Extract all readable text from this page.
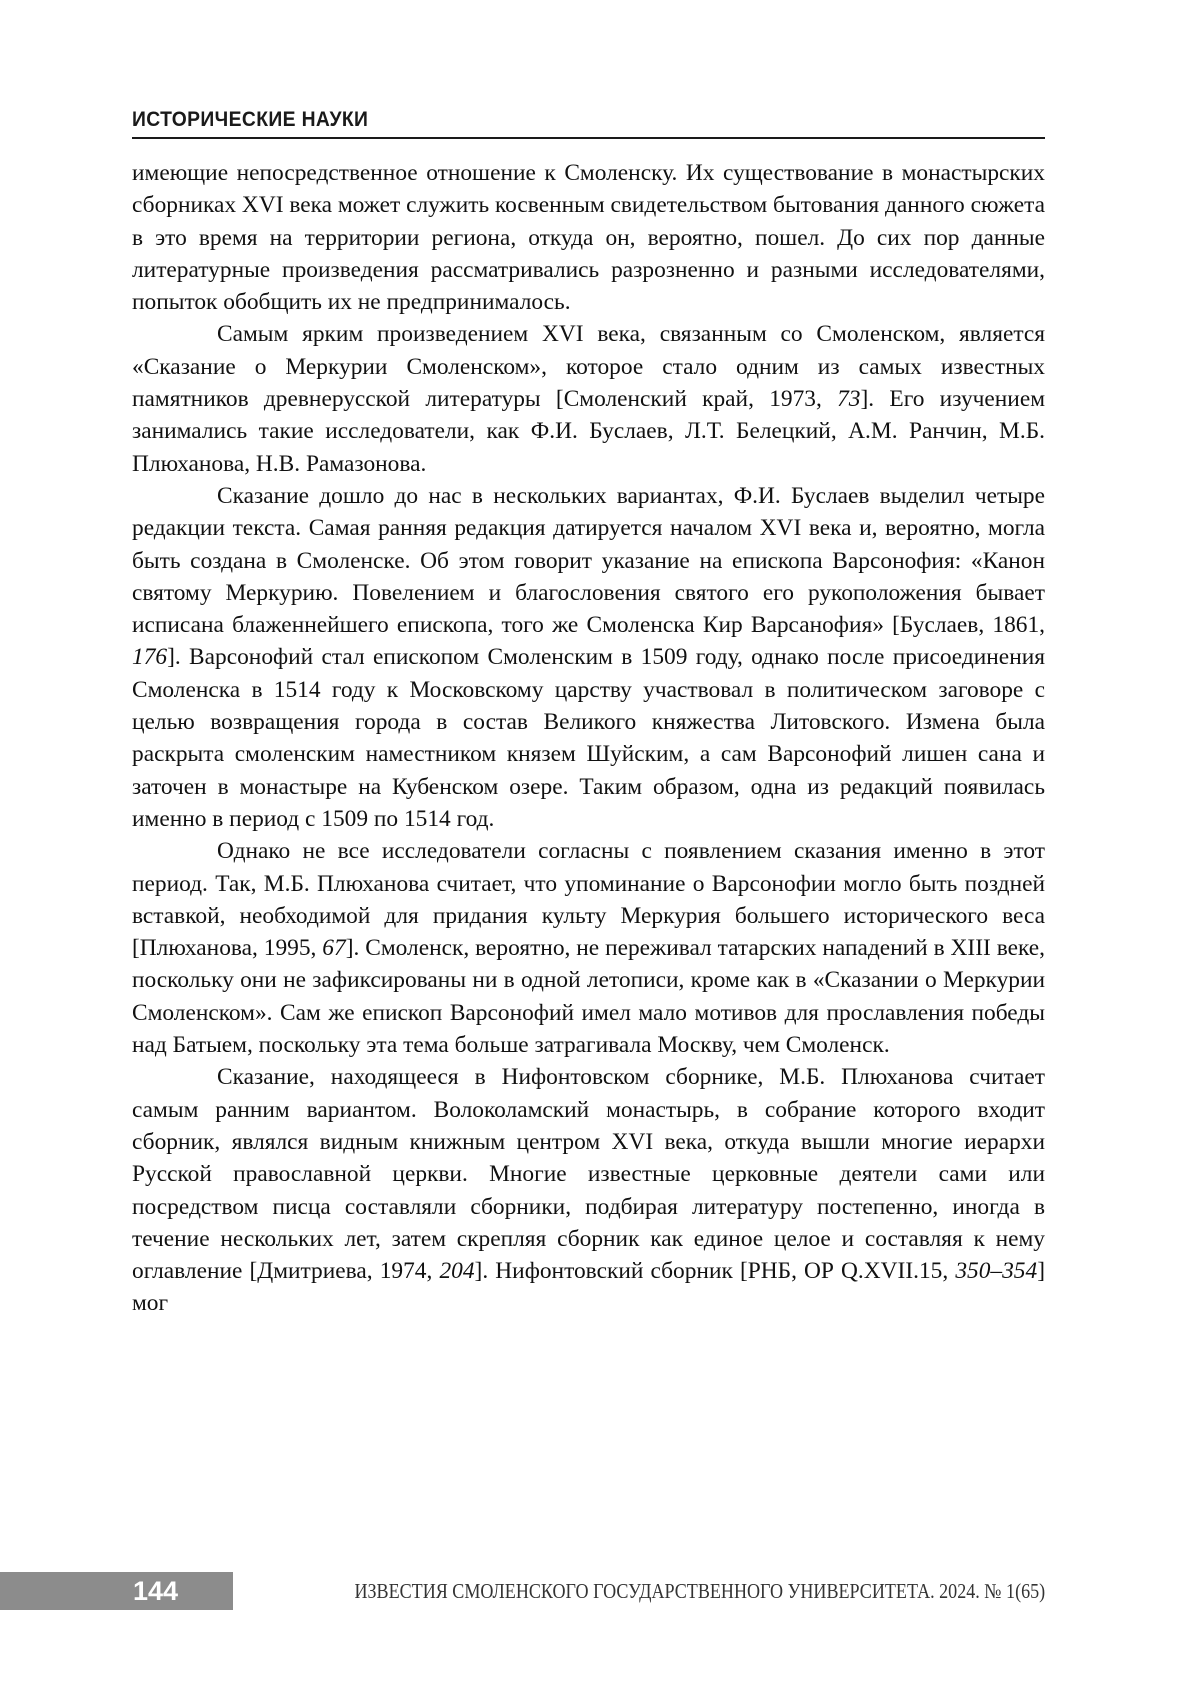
ИСТОРИЧЕСКИЕ НАУКИ

имеющие непосредственное отношение к Смоленску. Их существование в монастырских сборниках XVI века может служить косвенным свидетельством бытования данного сюжета в это время на территории региона, откуда он, вероятно, пошел. До сих пор данные литературные произведения рассматривались разрозненно и разными исследователями, попыток обобщить их не предпринималось.

Самым ярким произведением XVI века, связанным со Смоленском, является «Сказание о Меркурии Смоленском», которое стало одним из самых известных памятников древнерусской литературы [Смоленский край, 1973, 73]. Его изучением занимались такие исследователи, как Ф.И. Буслаев, Л.Т. Белецкий, А.М. Ранчин, М.Б. Плюханова, Н.В. Рамазонова.

Сказание дошло до нас в нескольких вариантах, Ф.И. Буслаев выделил четыре редакции текста. Самая ранняя редакция датируется началом XVI века и, вероятно, могла быть создана в Смоленске. Об этом говорит указание на епископа Варсонофия: «Канон святому Меркурию. Повелением и благословения святого его рукоположения бывает исписана блаженнейшего епископа, того же Смоленска Кир Варсанофия» [Буслаев, 1861, 176]. Варсонофий стал епископом Смоленским в 1509 году, однако после присоединения Смоленска в 1514 году к Московскому царству участвовал в политическом заговоре с целью возвращения города в состав Великого княжества Литовского. Измена была раскрыта смоленским наместником князем Шуйским, а сам Варсонофий лишен сана и заточен в монастыре на Кубенском озере. Таким образом, одна из редакций появилась именно в период с 1509 по 1514 год.

Однако не все исследователи согласны с появлением сказания именно в этот период. Так, М.Б. Плюханова считает, что упоминание о Варсонофии могло быть поздней вставкой, необходимой для придания культу Меркурия большего исторического веса [Плюханова, 1995, 67]. Смоленск, вероятно, не переживал татарских нападений в XIII веке, поскольку они не зафиксированы ни в одной летописи, кроме как в «Сказании о Меркурии Смоленском». Сам же епископ Варсонофий имел мало мотивов для прославления победы над Батыем, поскольку эта тема больше затрагивала Москву, чем Смоленск.

Сказание, находящееся в Нифонтовском сборнике, М.Б. Плюханова считает самым ранним вариантом. Волоколамский монастырь, в собрание которого входит сборник, являлся видным книжным центром XVI века, откуда вышли многие иерархи Русской православной церкви. Многие известные церковные деятели сами или посредством писца составляли сборники, подбирая литературу постепенно, иногда в течение нескольких лет, затем скрепляя сборник как единое целое и составляя к нему оглавление [Дмитриева, 1974, 204]. Нифонтовский сборник [РНБ, ОР Q.XVII.15, 350–354] мог

144	ИЗВЕСТИЯ СМОЛЕНСКОГО ГОСУДАРСТВЕННОГО УНИВЕРСИТЕТА. 2024. № 1(65)
